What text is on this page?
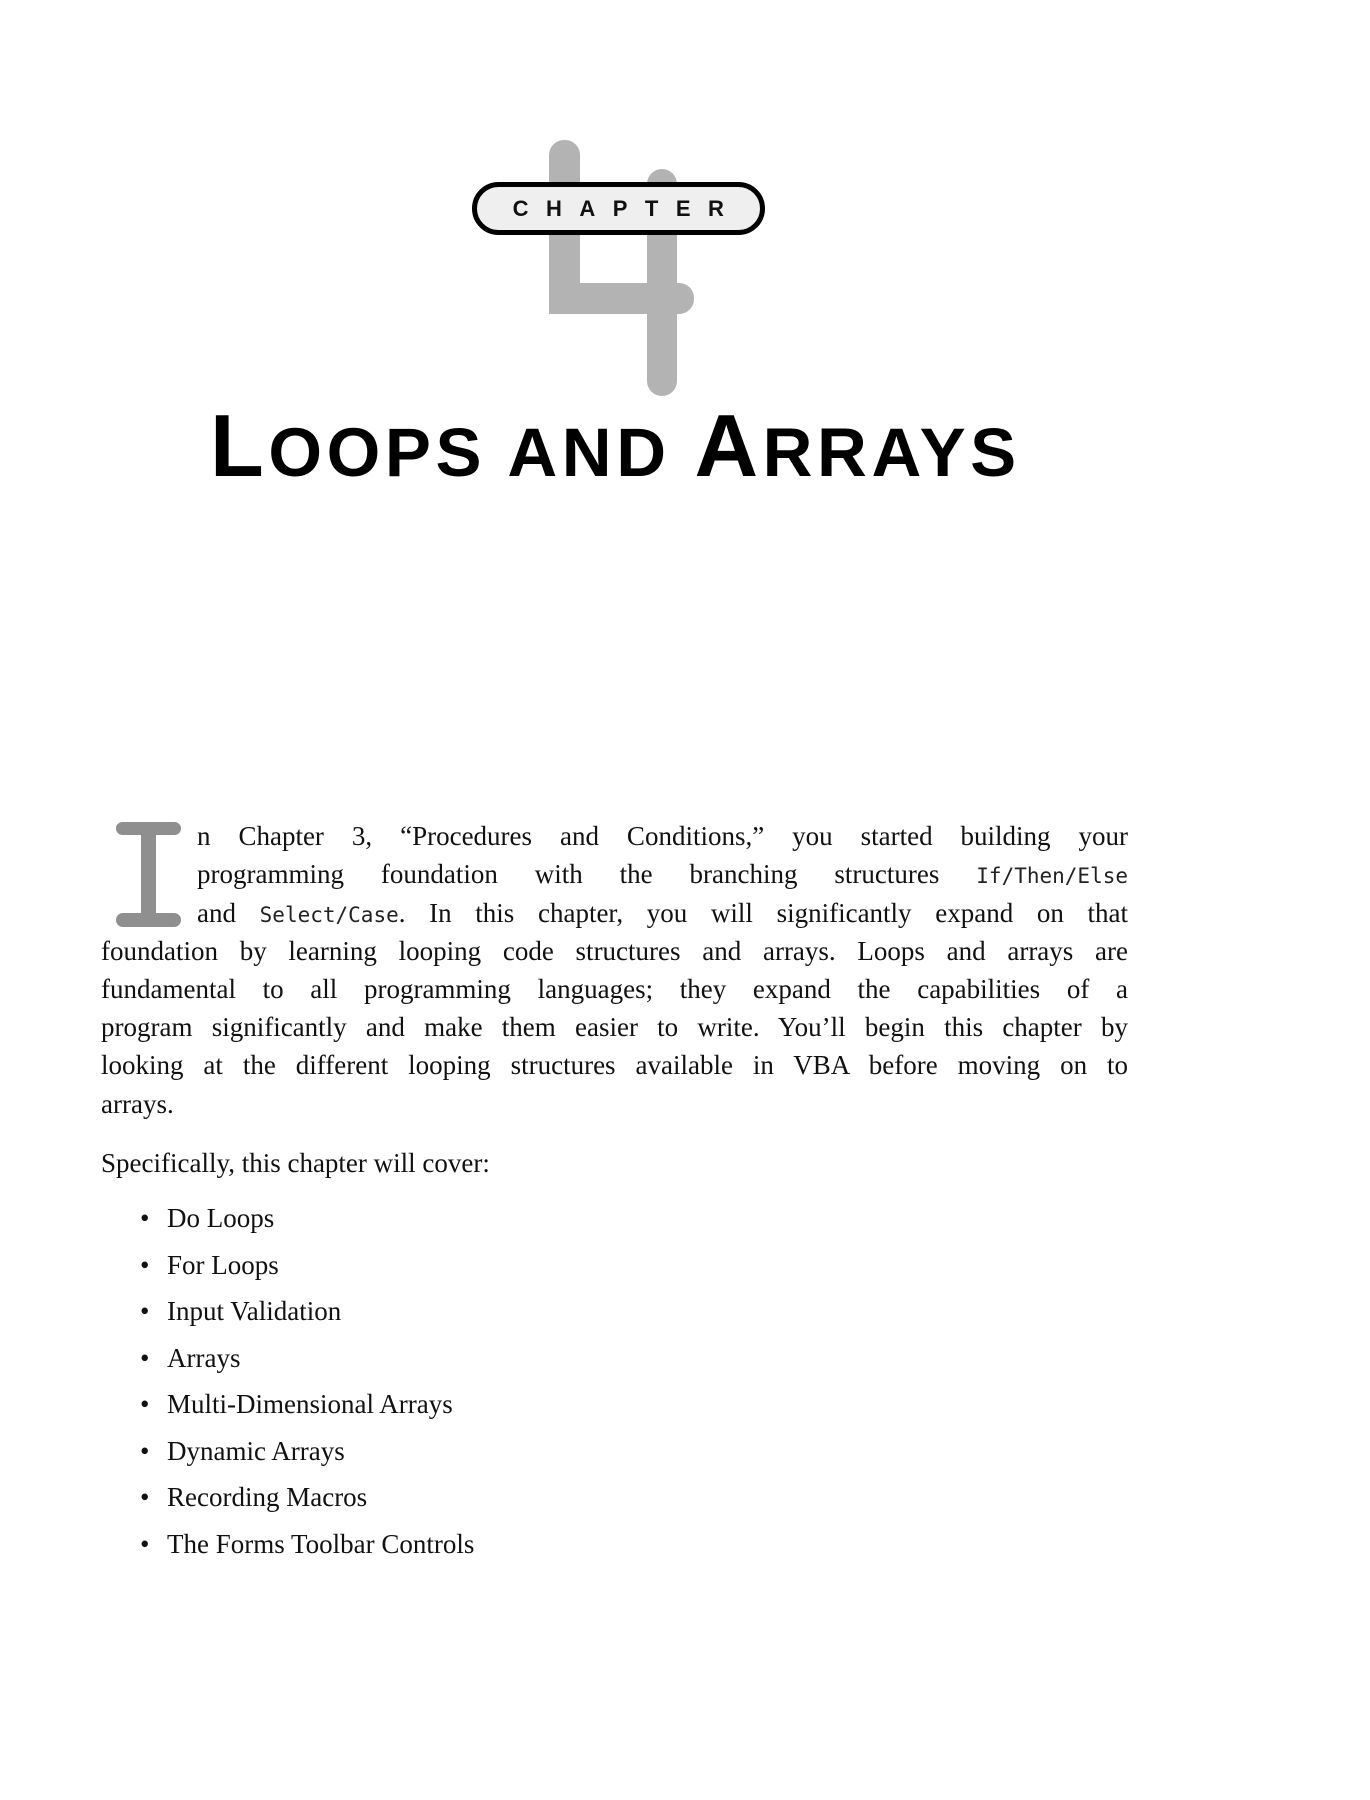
CHAPTER
LOOPS AND ARRAYS
n Chapter 3, “Procedures and Conditions,” you started building your
programming foundation with the branching structures If/Then/Else
and Select/Case. In this chapter, you will significantly expand on that
foundation by learning looping code structures and arrays. Loops and arrays are
fundamental to all programming languages; they expand the capabilities of a
program significantly and make them easier to write. You’ll begin this chapter by
looking at the different looping structures available in VBA before moving on to
arrays.
Specifically, this chapter will cover:
• Do Loops
• For Loops
• Input Validation
• Arrays
• Multi-Dimensional Arrays
• Dynamic Arrays
• Recording Macros
• The Forms Toolbar Controls
